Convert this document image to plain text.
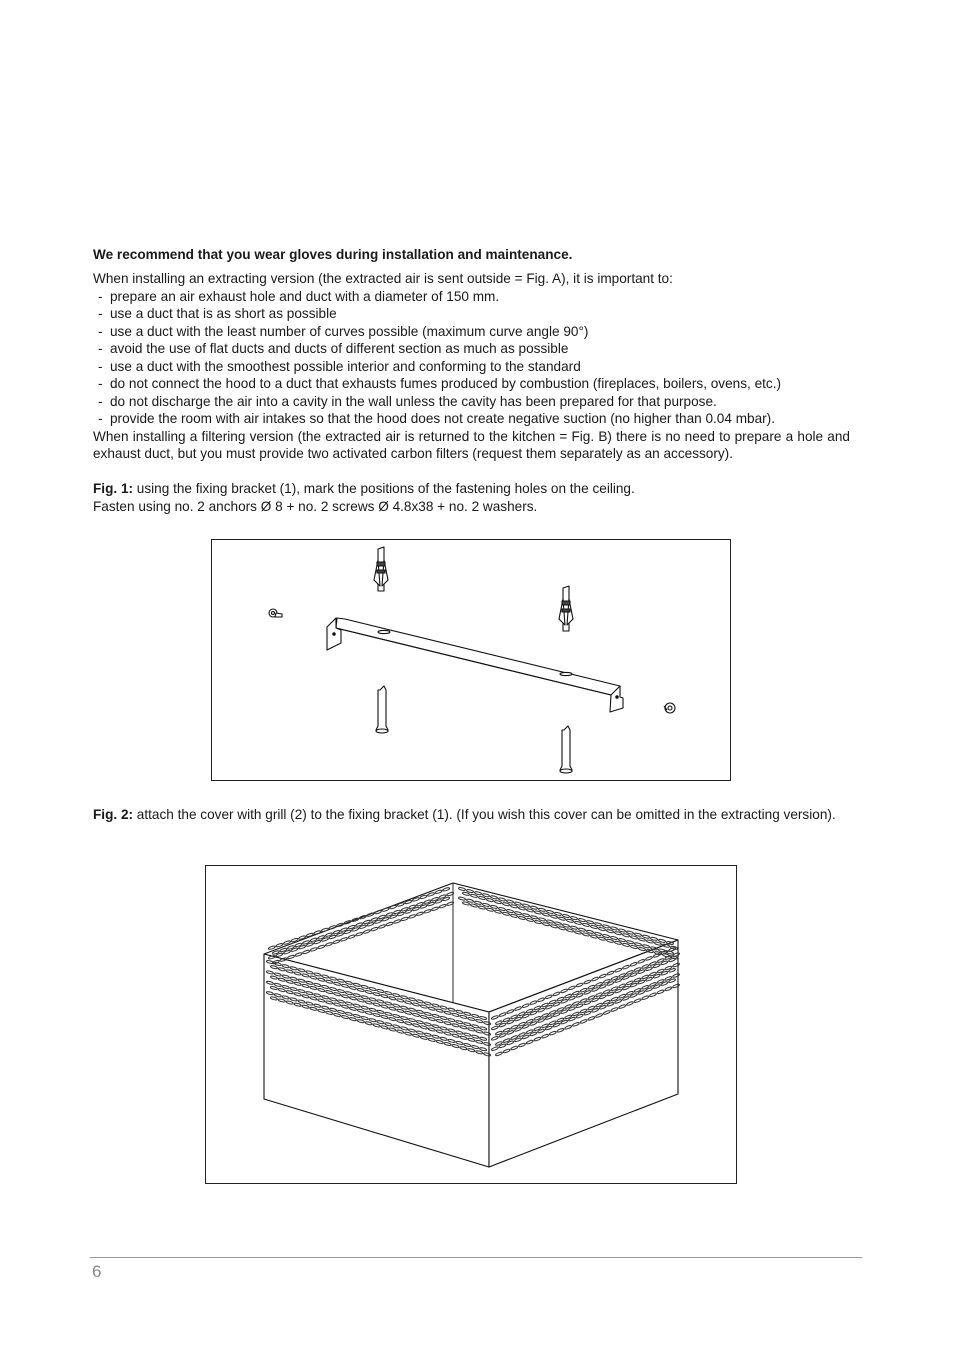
We recommend that you wear gloves during installation and maintenance.
When installing an extracting version (the extracted air is sent outside = Fig. A), it is important to:
- prepare an air exhaust hole and duct with a diameter of 150 mm.
- use a duct that is as short as possible
- use a duct with the least number of curves possible (maximum curve angle 90°)
- avoid the use of flat ducts and ducts of different section as much as possible
- use a duct with the smoothest possible interior and conforming to the standard
- do not connect the hood to a duct that exhausts fumes produced by combustion (fireplaces, boilers, ovens, etc.)
- do not discharge the air into a cavity in the wall unless the cavity has been prepared for that purpose.
- provide the room with air intakes so that the hood does not create negative suction (no higher than 0.04 mbar).
When installing a filtering version (the extracted air is returned to the kitchen = Fig. B) there is no need to prepare a hole and exhaust duct, but you must provide two activated carbon filters (request them separately as an accessory).
Fig. 1: using the fixing bracket (1), mark the positions of the fastening holes on the ceiling.
Fasten using no. 2 anchors Ø 8 + no. 2 screws Ø 4.8x38 + no. 2 washers.
Fig. 2: attach the cover with grill (2) to the fixing bracket (1). (If you wish this cover can be omitted in the extracting version).
6
